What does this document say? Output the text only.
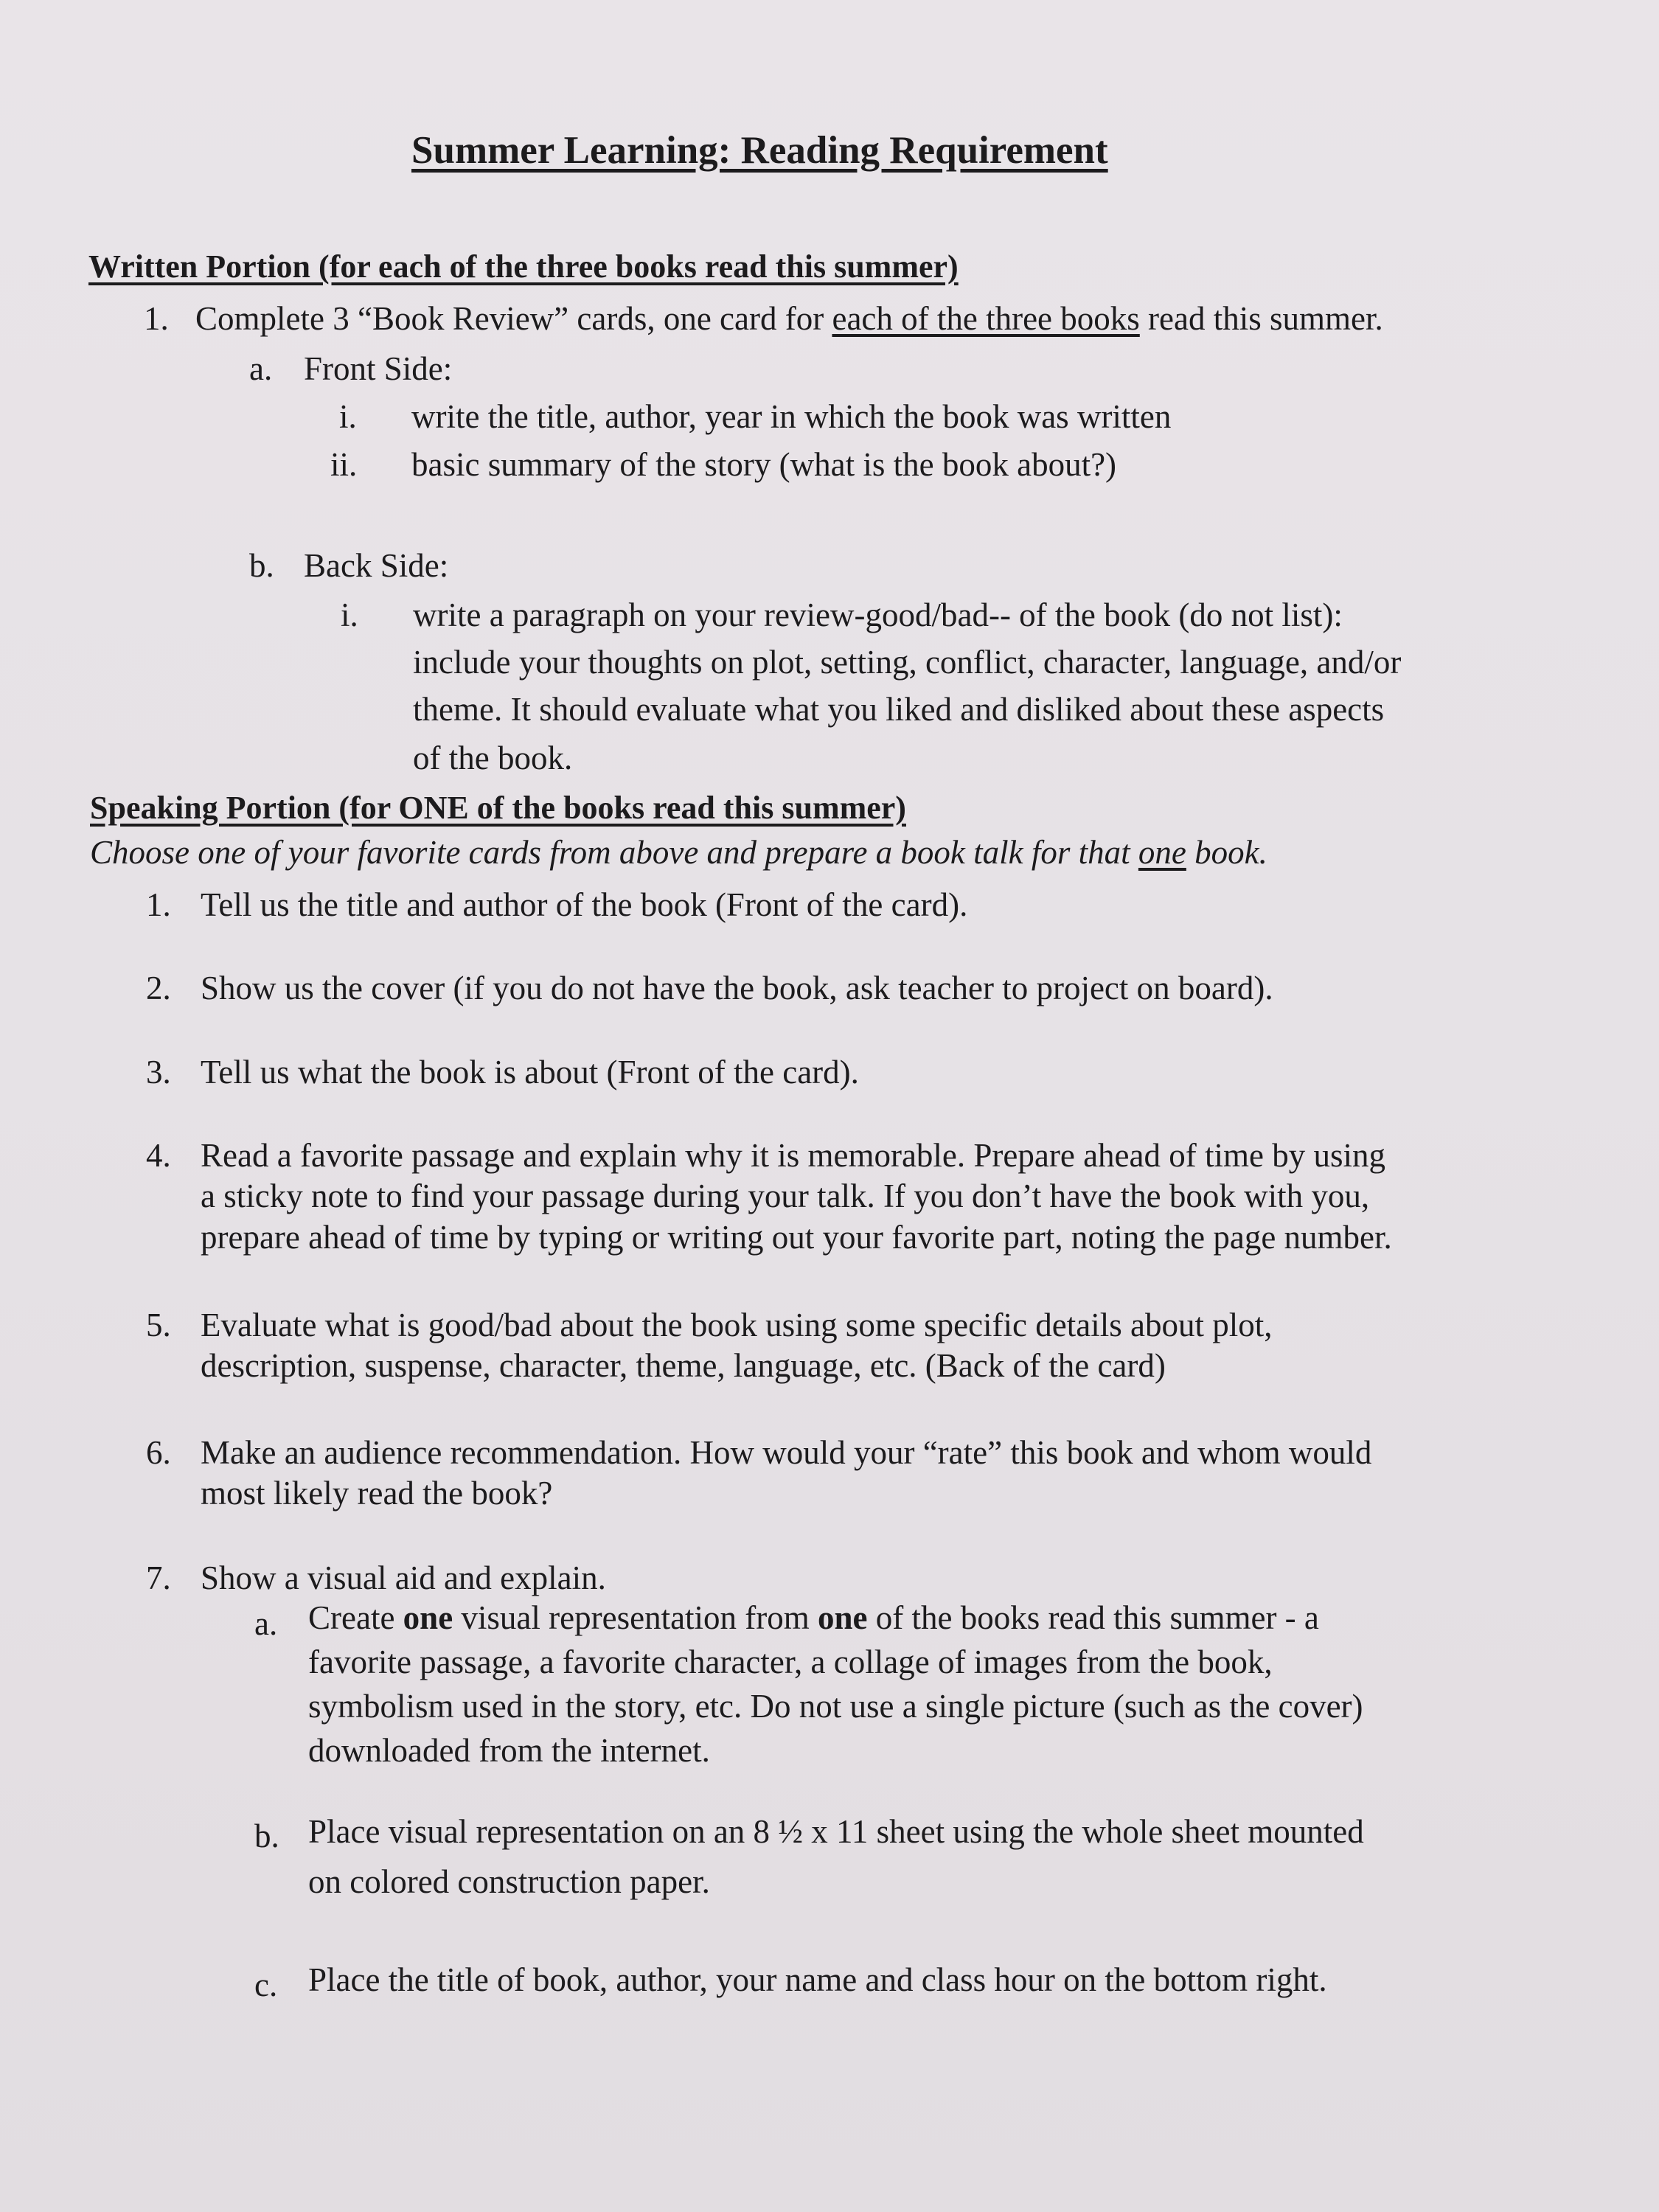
Summer Learning: Reading Requirement
Written Portion (for each of the three books read this summer)
1. Complete 3 “Book Review” cards, one card for each of the three books read this summer.
a. Front Side:
i. write the title, author, year in which the book was written
ii. basic summary of the story (what is the book about?)
b. Back Side:
i. write a paragraph on your review-good/bad-- of the book (do not list):
include your thoughts on plot, setting, conflict, character, language, and/or
theme. It should evaluate what you liked and disliked about these aspects
of the book.
Speaking Portion (for ONE of the books read this summer)
Choose one of your favorite cards from above and prepare a book talk for that one book.
1. Tell us the title and author of the book (Front of the card).
2. Show us the cover (if you do not have the book, ask teacher to project on board).
3. Tell us what the book is about (Front of the card).
4. Read a favorite passage and explain why it is memorable. Prepare ahead of time by using
a sticky note to find your passage during your talk. If you don’t have the book with you,
prepare ahead of time by typing or writing out your favorite part, noting the page number.
5. Evaluate what is good/bad about the book using some specific details about plot,
description, suspense, character, theme, language, etc. (Back of the card)
6. Make an audience recommendation. How would your “rate” this book and whom would
most likely read the book?
7. Show a visual aid and explain.
a. Create one visual representation from one of the books read this summer - a
favorite passage, a favorite character, a collage of images from the book,
symbolism used in the story, etc. Do not use a single picture (such as the cover)
downloaded from the internet.
b. Place visual representation on an 8 ½ x 11 sheet using the whole sheet mounted
on colored construction paper.
c. Place the title of book, author, your name and class hour on the bottom right.
